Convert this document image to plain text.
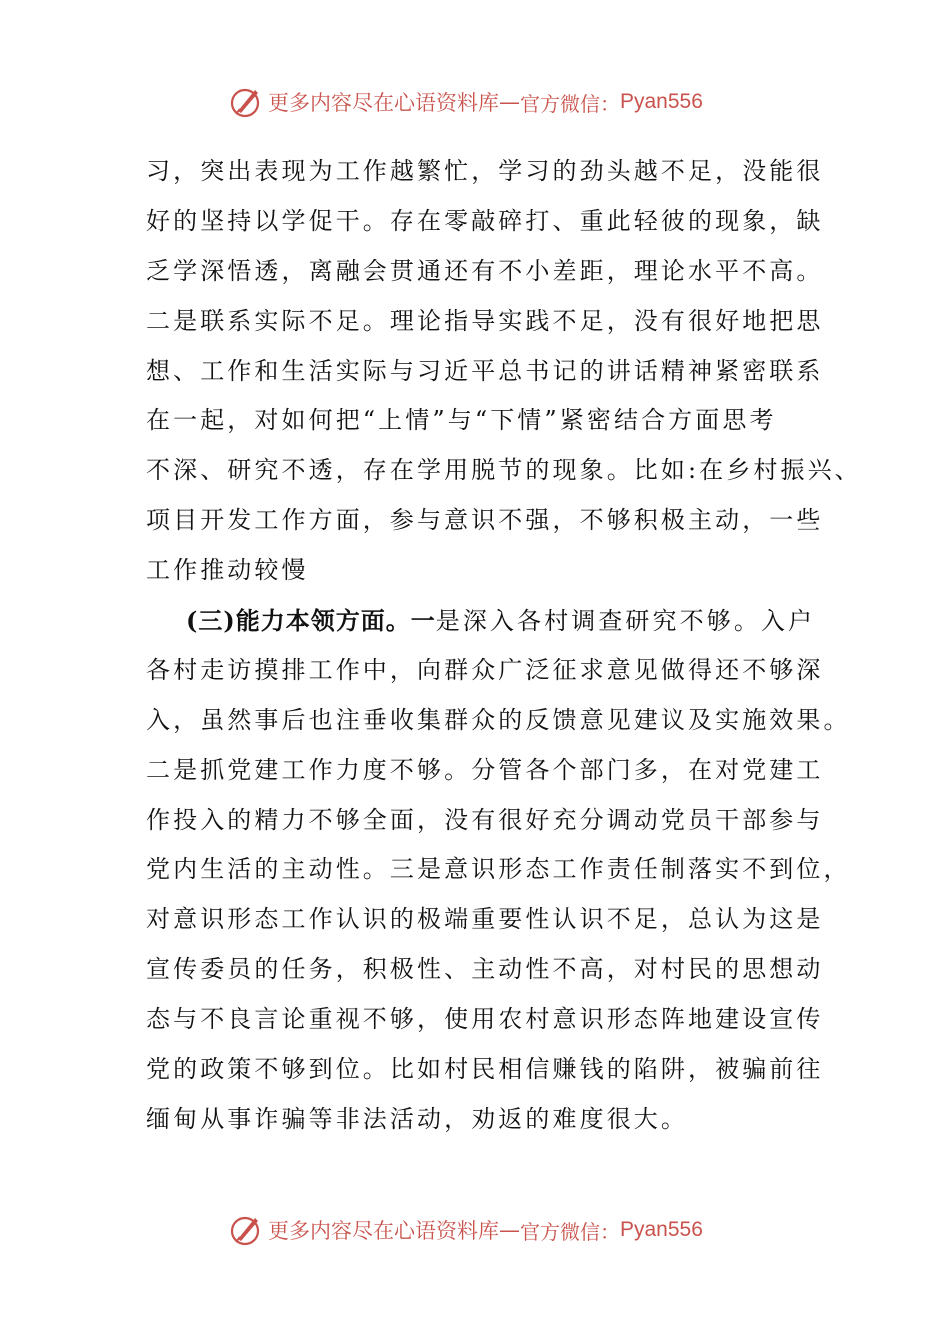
更多内容尽在心语资料库 — 官方微信： Pyan556
习，突出表现为工作越繁忙，学习的劲头越不足，没能很
好的坚持以学促干。存在零敲碎打、重此轻彼的现象，缺
乏学深悟透，离融会贯通还有不小差距，理论水平不高。
二是联系实际不足。理论指导实践不足，没有很好地把思
想、工作和生活实际与习近平总书记的讲话精神紧密联系
在一起，对如何把“上情”与“下情”紧密结合方面思考
不深、研究不透，存在学用脱节的现象。比如:在乡村振兴、
项目开发工作方面，参与意识不强，不够积极主动，一些
工作推动较慢
(三)能力本领方面。一是深入各村调查研究不够。入户
各村走访摸排工作中，向群众广泛征求意见做得还不够深
入，虽然事后也注垂收集群众的反馈意见建议及实施效果。
二是抓党建工作力度不够。分管各个部门多，在对党建工
作投入的精力不够全面，没有很好充分调动党员干部参与
党内生活的主动性。三是意识形态工作责任制落实不到位，
对意识形态工作认识的极端重要性认识不足，总认为这是
宣传委员的任务，积极性、主动性不高，对村民的思想动
态与不良言论重视不够，使用农村意识形态阵地建设宣传
党的政策不够到位。比如村民相信赚钱的陷阱，被骗前往
缅甸从事诈骗等非法活动，劝返的难度很大。
更多内容尽在心语资料库 — 官方微信： Pyan556
